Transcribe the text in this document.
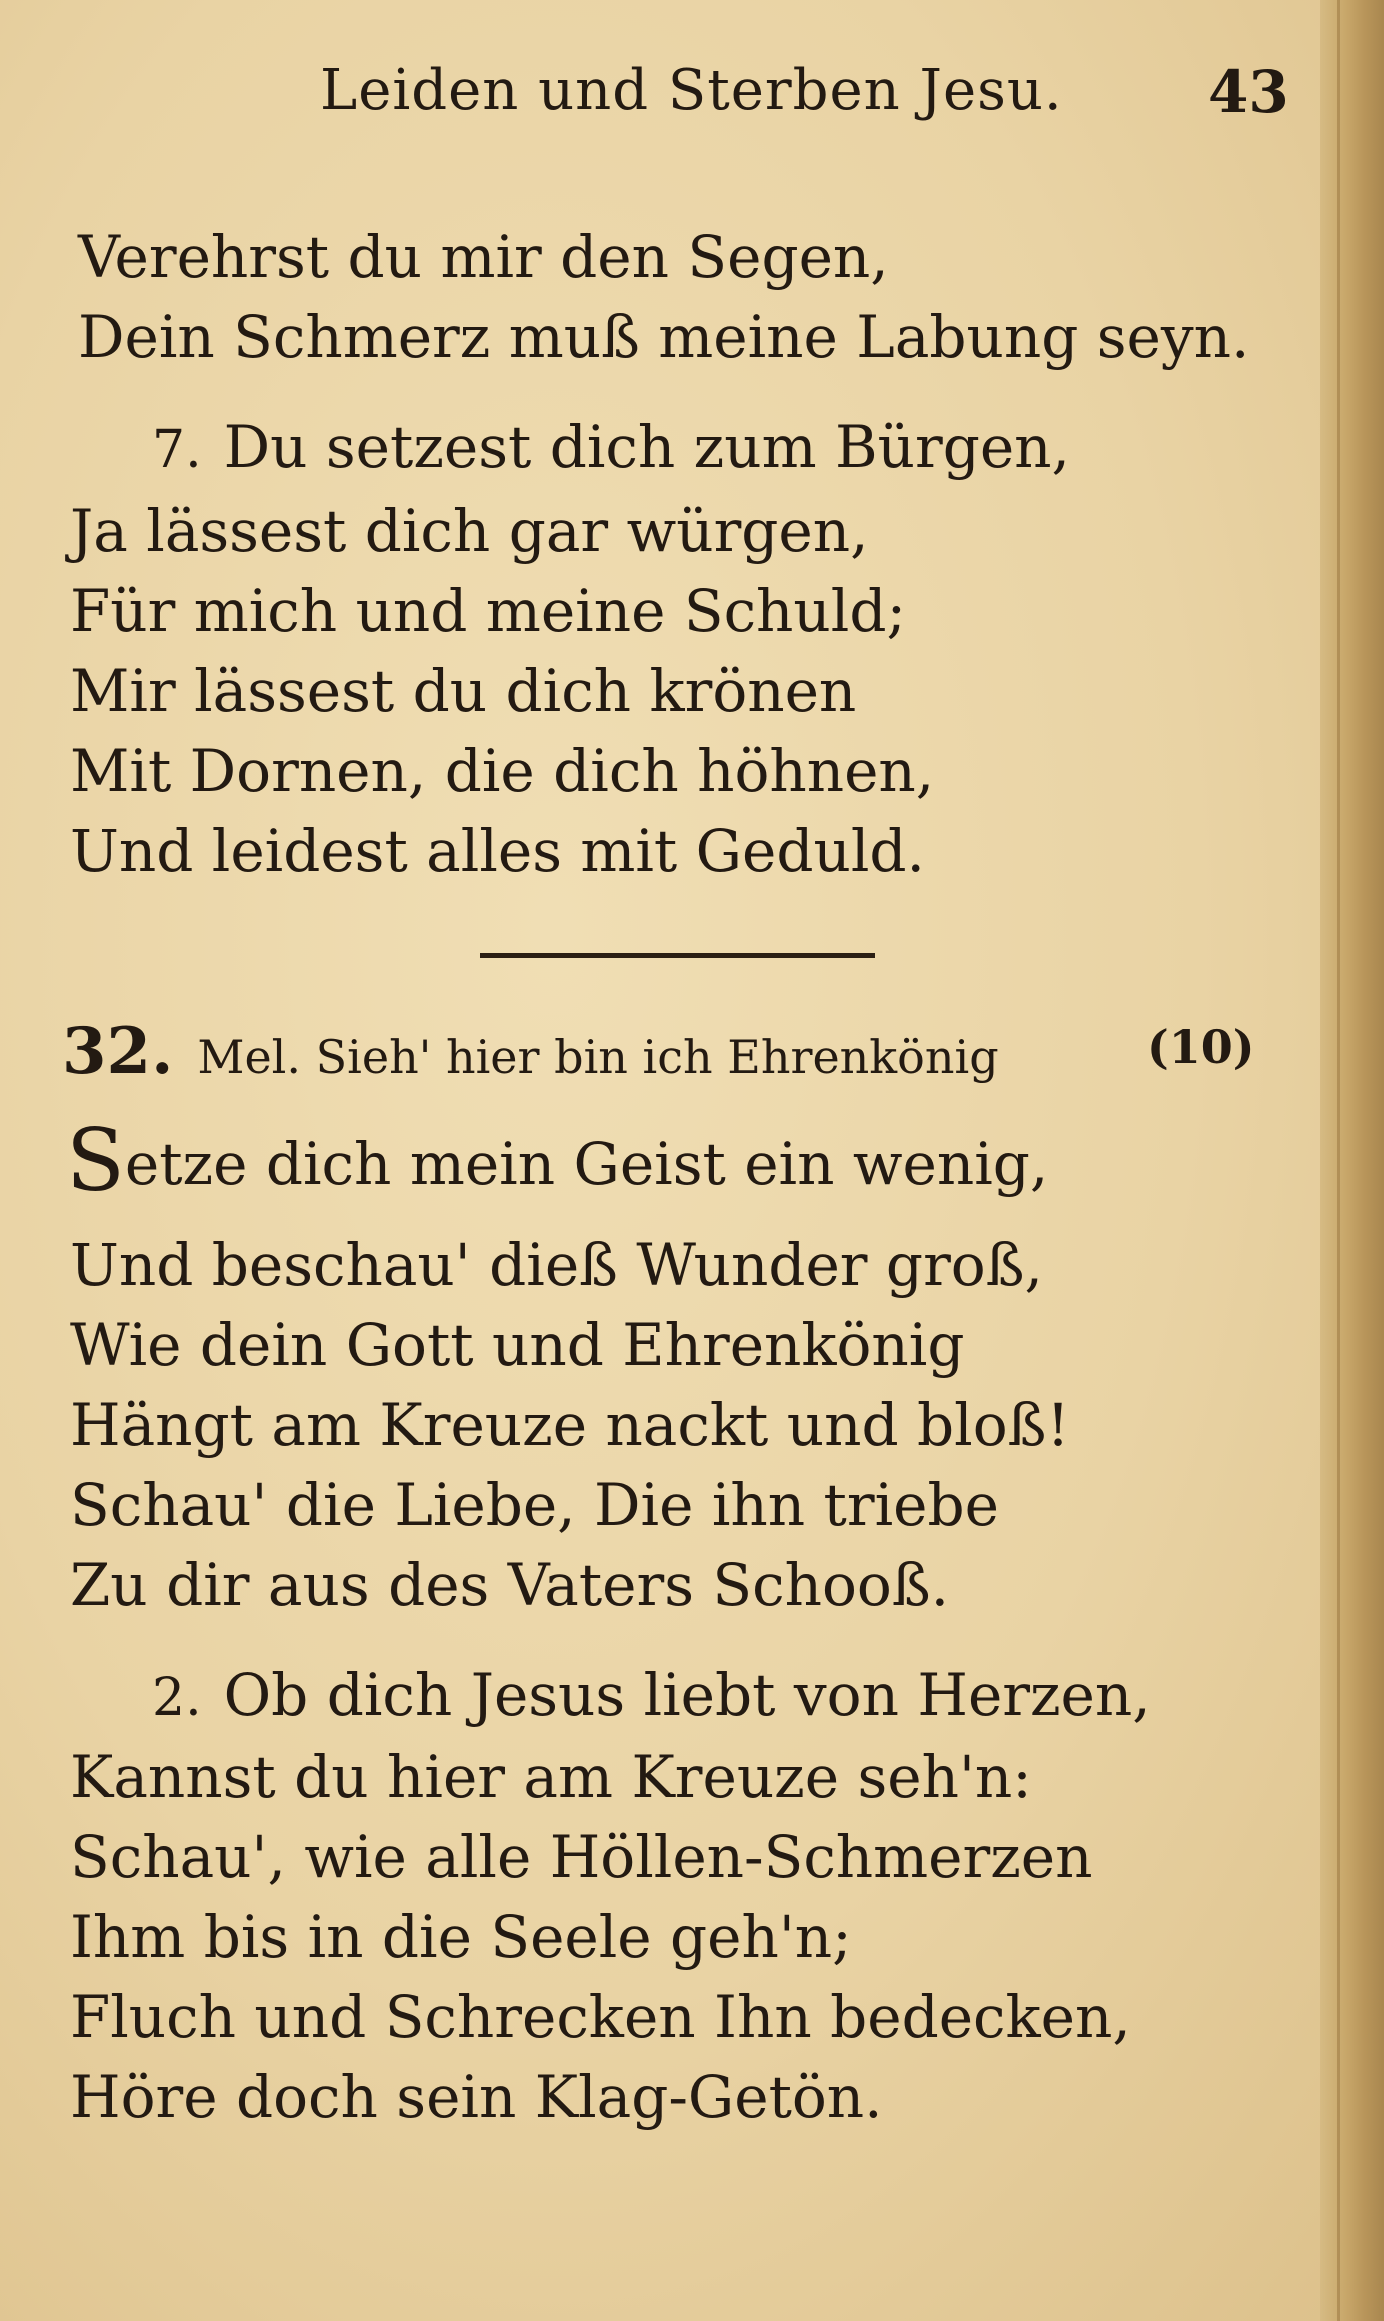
Leiden und Sterben Jesu.	43
Verehrst du mir den Segen,
Dein Schmerz muß meine Labung seyn.
7. Du setzest dich zum Bürgen,
Ja lässest dich gar würgen,
Für mich und meine Schuld;
Mir lässest du dich krönen
Mit Dornen, die dich höhnen,
Und leidest alles mit Geduld.
32. Mel. Sieh' hier bin ich Ehrenkönig	(10)
Setze dich mein Geist ein wenig,
Und beschau' dieß Wunder groß,
Wie dein Gott und Ehrenkönig
Hängt am Kreuze nackt und bloß!
Schau' die Liebe, Die ihn triebe
Zu dir aus des Vaters Schooß.
2. Ob dich Jesus liebt von Herzen,
Kannst du hier am Kreuze seh'n:
Schau', wie alle Höllen-Schmerzen
Ihm bis in die Seele geh'n;
Fluch und Schrecken Ihn bedecken,
Höre doch sein Klag-Getön.
